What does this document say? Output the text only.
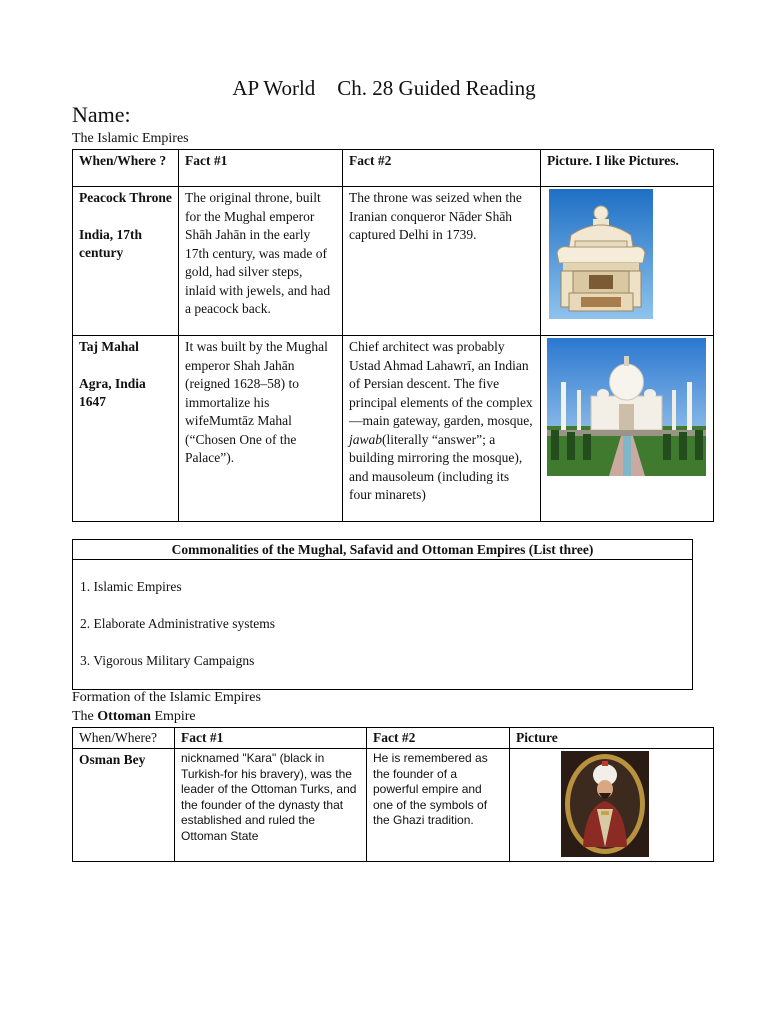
AP World Ch. 28 Guided Reading
Name:
The Islamic Empires
When/Where ?	Fact #1	Fact #2	Picture. I like Pictures.

Peacock Throne
India, 17th century	The original throne, built for the Mughal emperor Shāh Jahān in the early 17th century, was made of gold, had silver steps, inlaid with jewels, and had a peacock back.	The throne was seized when the Iranian conqueror Nāder Shāh captured Delhi in 1739.	

Taj Mahal
Agra, India 1647	It was built by the Mughal emperor Shah Jahān (reigned 1628–58) to immortalize his wifeMumtāz Mahal (“Chosen One of the Palace”).	Chief architect was probably Ustad Ahmad Lahawrī, an Indian of Persian descent. The five principal elements of the complex—main gateway, garden, mosque, jawab(literally “answer”; a building mirroring the mosque), and mausoleum (including its four minarets)	
Commonalities of the Mughal, Safavid and Ottoman Empires (List three)
1. Islamic Empires
2. Elaborate Administrative systems
3. Vigorous Military Campaigns
Formation of the Islamic Empires
The Ottoman Empire
When/Where?	Fact #1	Fact #2	Picture
Osman Bey	nicknamed "Kara" (black in Turkish-for his bravery), was the leader of the Ottoman Turks, and the founder of the dynasty that established and ruled the Ottoman State	He is remembered as the founder of a powerful empire and one of the symbols of the Ghazi tradition.	
